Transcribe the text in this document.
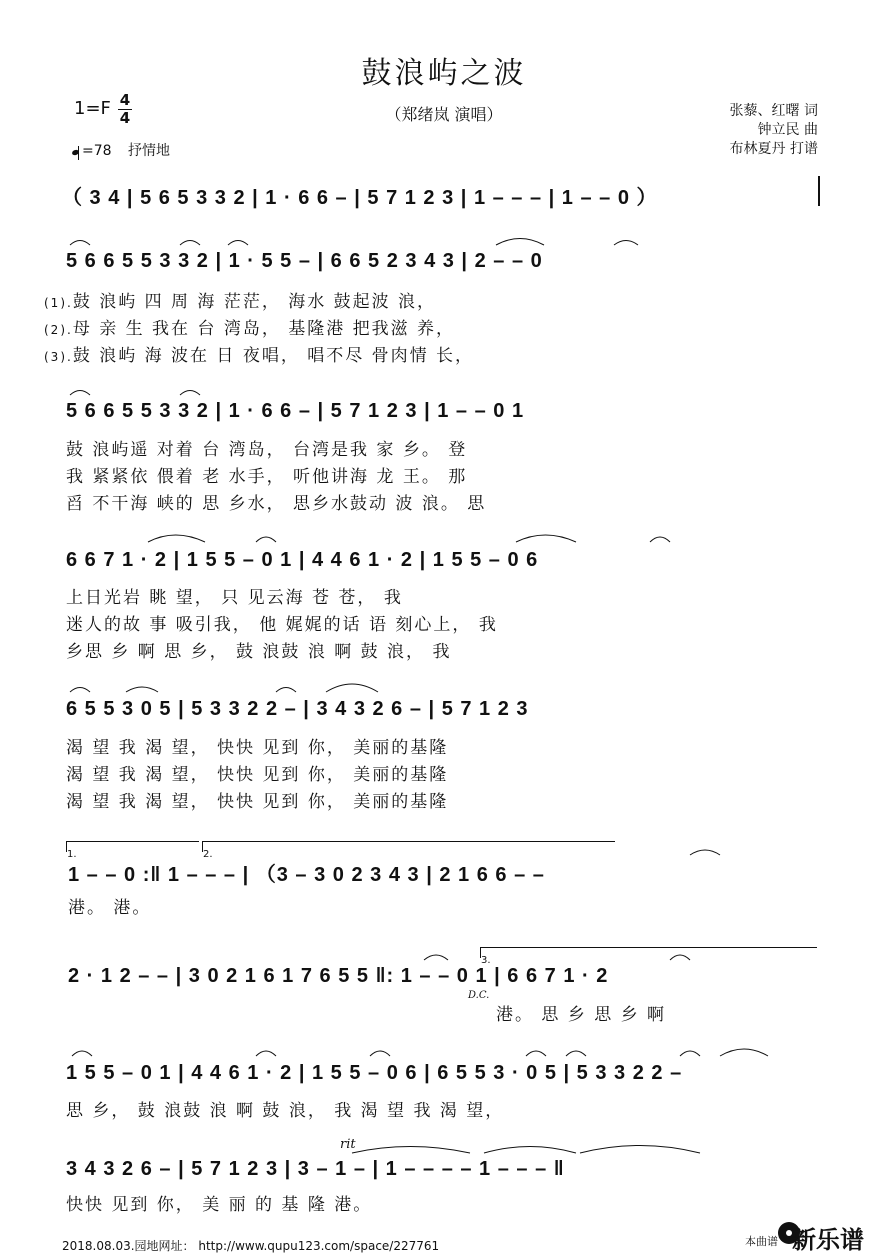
鼓浪屿之波
（郑绪岚 演唱）
1=F 4
4
=78 抒情地
张藜、红曙 词
钟立民 曲
布林夏丹 打谱
（ 3 4 | 5 6 5 3 3 2 | 1 · 6 6 – | 5 7 1 2 3 | 1 – – – | 1 – – 0 ）
5 6 6 5 5 3 3 2 | 1 · 5 5 – | 6 6 5 2 3 4 3 | 2 – – 0
(1).鼓 浪屿 四 周 海 茫茫， 海水 鼓起波 浪，
(2).母 亲 生 我在 台 湾岛， 基隆港 把我滋 养，
(3).鼓 浪屿 海 波在 日 夜唱， 唱不尽 骨肉情 长，
5 6 6 5 5 3 3 2 | 1 · 6 6 – | 5 7 1 2 3 | 1 – – 0 1
鼓 浪屿遥 对着 台 湾岛， 台湾是我 家 乡。 登
我 紧紧依 偎着 老 水手， 听他讲海 龙 王。 那
舀 不干海 峡的 思 乡水， 思乡水鼓动 波 浪。 思
6 6 7 1 · 2 | 1 5 5 – 0 1 | 4 4 6 1 · 2 | 1 5 5 – 0 6
上日光岩 眺 望， 只 见云海 苍 苍， 我
迷人的故 事 吸引我， 他 娓娓的话 语 刻心上， 我
乡思 乡 啊 思 乡， 鼓 浪鼓 浪 啊 鼓 浪， 我
6 5 5 3 0 5 | 5 3 3 2 2 – | 3 4 3 2 6 – | 5 7 1 2 3
渴 望 我 渴 望， 快快 见到 你， 美丽的基隆
渴 望 我 渴 望， 快快 见到 你， 美丽的基隆
渴 望 我 渴 望， 快快 见到 你， 美丽的基隆
1.	2.
1 – – 0 :‖ 1 – – – | （3 – 3 0 2 3 4 3 | 2 1 6 6 – –
港。 港。
3.
2 · 1 2 – – | 3 0 2 1 6 1 7 6 5 5 ‖: 1 – – 0 1 | 6 6 7 1 · 2
D.C.
港。 思 乡 思 乡 啊
1 5 5 – 0 1 | 4 4 6 1 · 2 | 1 5 5 – 0 6 | 6 5 5 3 · 0 5 | 5 3 3 2 2 –
思 乡， 鼓 浪鼓 浪 啊 鼓 浪， 我 渴 望 我 渴 望，
rit
3 4 3 2 6 – | 5 7 1 2 3 | 3 – 1 – | 1 – – – – 1 – – – ‖
快快 见到 你， 美 丽 的 基 隆 港。
2018.08.03.园地网址： http://www.qupu123.com/space/227761	本曲谱 新乐谱
